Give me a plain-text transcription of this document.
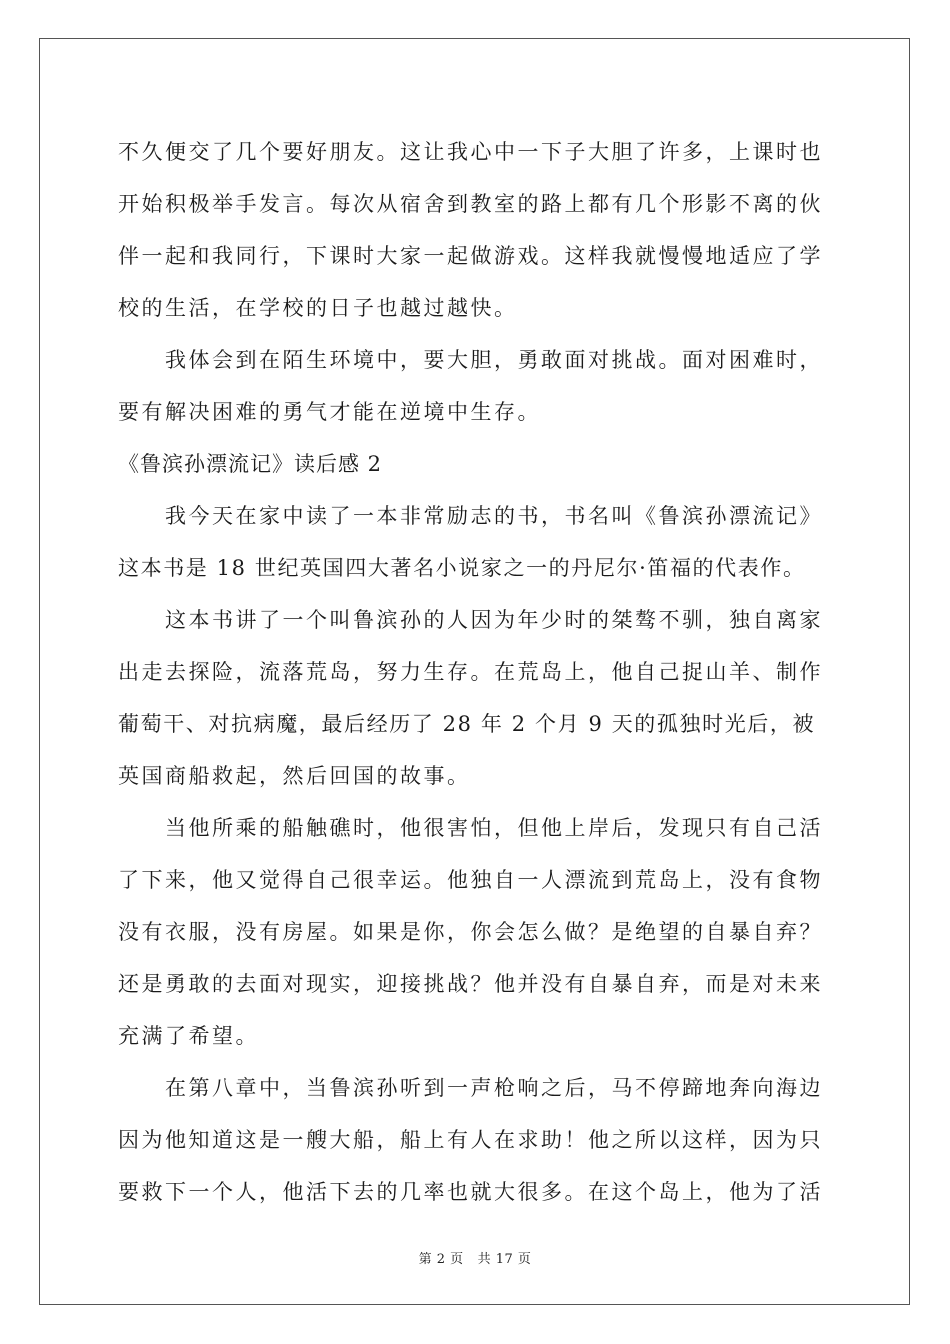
不久便交了几个要好朋友。这让我心中一下子大胆了许多，上课时也
开始积极举手发言。每次从宿舍到教室的路上都有几个形影不离的伙
伴一起和我同行，下课时大家一起做游戏。这样我就慢慢地适应了学
校的生活，在学校的日子也越过越快。
我体会到在陌生环境中，要大胆，勇敢面对挑战。面对困难时，
要有解决困难的勇气才能在逆境中生存。
《鲁滨孙漂流记》读后感 2
我今天在家中读了一本非常励志的书，书名叫《鲁滨孙漂流记》
这本书是 18 世纪英国四大著名小说家之一的丹尼尔·笛福的代表作。
这本书讲了一个叫鲁滨孙的人因为年少时的桀骜不驯，独自离家
出走去探险，流落荒岛，努力生存。在荒岛上，他自己捉山羊、制作
葡萄干、对抗病魔，最后经历了 28 年 2 个月 9 天的孤独时光后，被
英国商船救起，然后回国的故事。
当他所乘的船触礁时，他很害怕，但他上岸后，发现只有自己活
了下来，他又觉得自己很幸运。他独自一人漂流到荒岛上，没有食物
没有衣服，没有房屋。如果是你，你会怎么做？是绝望的自暴自弃？
还是勇敢的去面对现实，迎接挑战？他并没有自暴自弃，而是对未来
充满了希望。
在第八章中，当鲁滨孙听到一声枪响之后，马不停蹄地奔向海边
因为他知道这是一艘大船，船上有人在求助！他之所以这样，因为只
要救下一个人，他活下去的几率也就大很多。在这个岛上，他为了活
第 2 页 共 17 页
